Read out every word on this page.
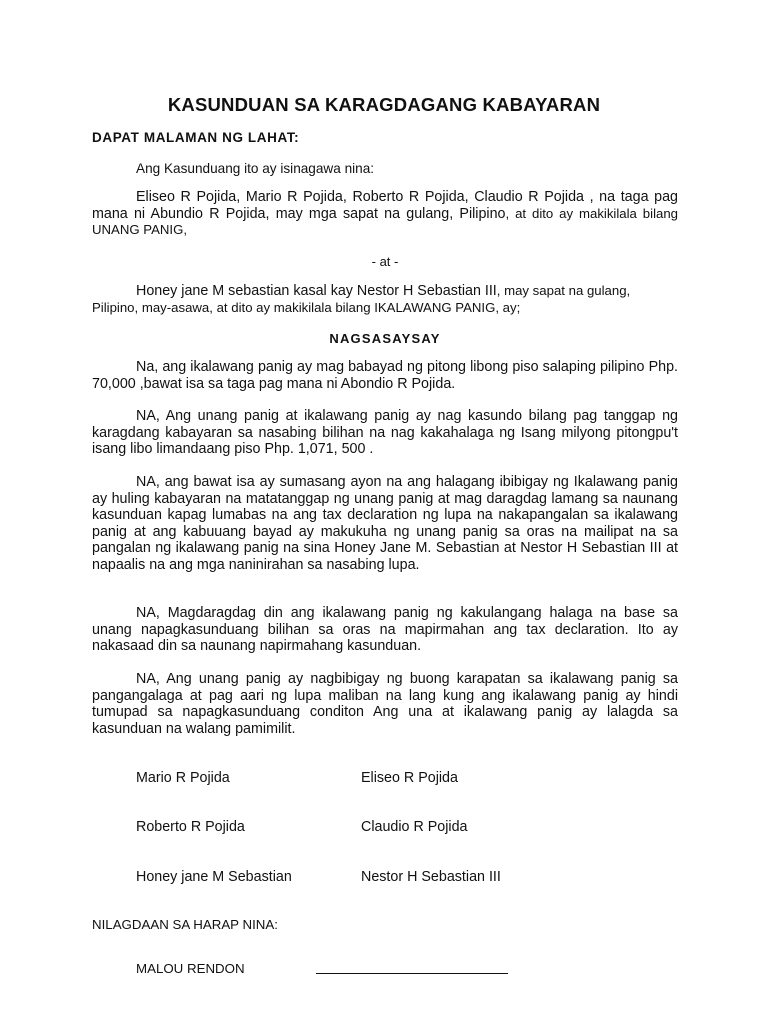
KASUNDUAN SA KARAGDAGANG KABAYARAN
DAPAT MALAMAN NG LAHAT:

Ang Kasunduang ito ay isinagawa nina:

Eliseo R Pojida, Mario R Pojida, Roberto R Pojida, Claudio R Pojida , na taga pag mana ni Abundio R Pojida, may mga sapat na gulang, Pilipino, at dito ay makikilala bilang UNANG PANIG,

- at -

Honey jane M sebastian kasal kay Nestor H Sebastian III, may sapat na gulang, Pilipino, may-asawa, at dito ay makikilala bilang IKALAWANG PANIG, ay;

NAGSASAYSAY

Na, ang ikalawang panig ay mag babayad ng pitong libong piso salaping pilipino Php. 70,000 ,bawat isa sa taga pag mana ni Abondio R Pojida.

NA, Ang unang panig at ikalawang panig ay nag kasundo bilang pag tanggap ng karagdang kabayaran sa nasabing bilihan na nag kakahalaga ng Isang milyong pitongpu't isang libo limandaang piso Php. 1,071, 500 .

NA, ang bawat isa ay sumasang ayon na ang halagang ibibigay ng Ikalawang panig ay huling kabayaran na matatanggap ng unang panig at mag daragdag lamang sa naunang kasunduan kapag lumabas na ang tax declaration ng lupa na nakapangalan sa ikalawang panig at ang kabuuang bayad ay makukuha ng unang panig sa oras na mailipat na sa pangalan ng ikalawang panig na sina Honey Jane M. Sebastian at Nestor H Sebastian III at napaalis na ang mga naninirahan sa nasabing lupa.

NA, Magdaragdag din ang ikalawang panig ng kakulangang halaga na base sa unang napagkasunduang bilihan sa oras na mapirmahan ang tax declaration. Ito ay nakasaad din sa naunang napirmahang kasunduan.

NA, Ang unang panig ay nagbibigay ng buong karapatan sa ikalawang panig sa pangangalaga at pag aari ng lupa maliban na lang kung ang ikalawang panig ay hindi tumupad sa napagkasunduang conditon Ang una at ikalawang panig ay lalagda sa kasunduan na walang pamimilit.

Mario R Pojida	Eliseo R Pojida
Roberto R Pojida	Claudio R Pojida
Honey jane M Sebastian	Nestor H Sebastian III
NILAGDAAN SA HARAP NINA:
MALOU RENDON
